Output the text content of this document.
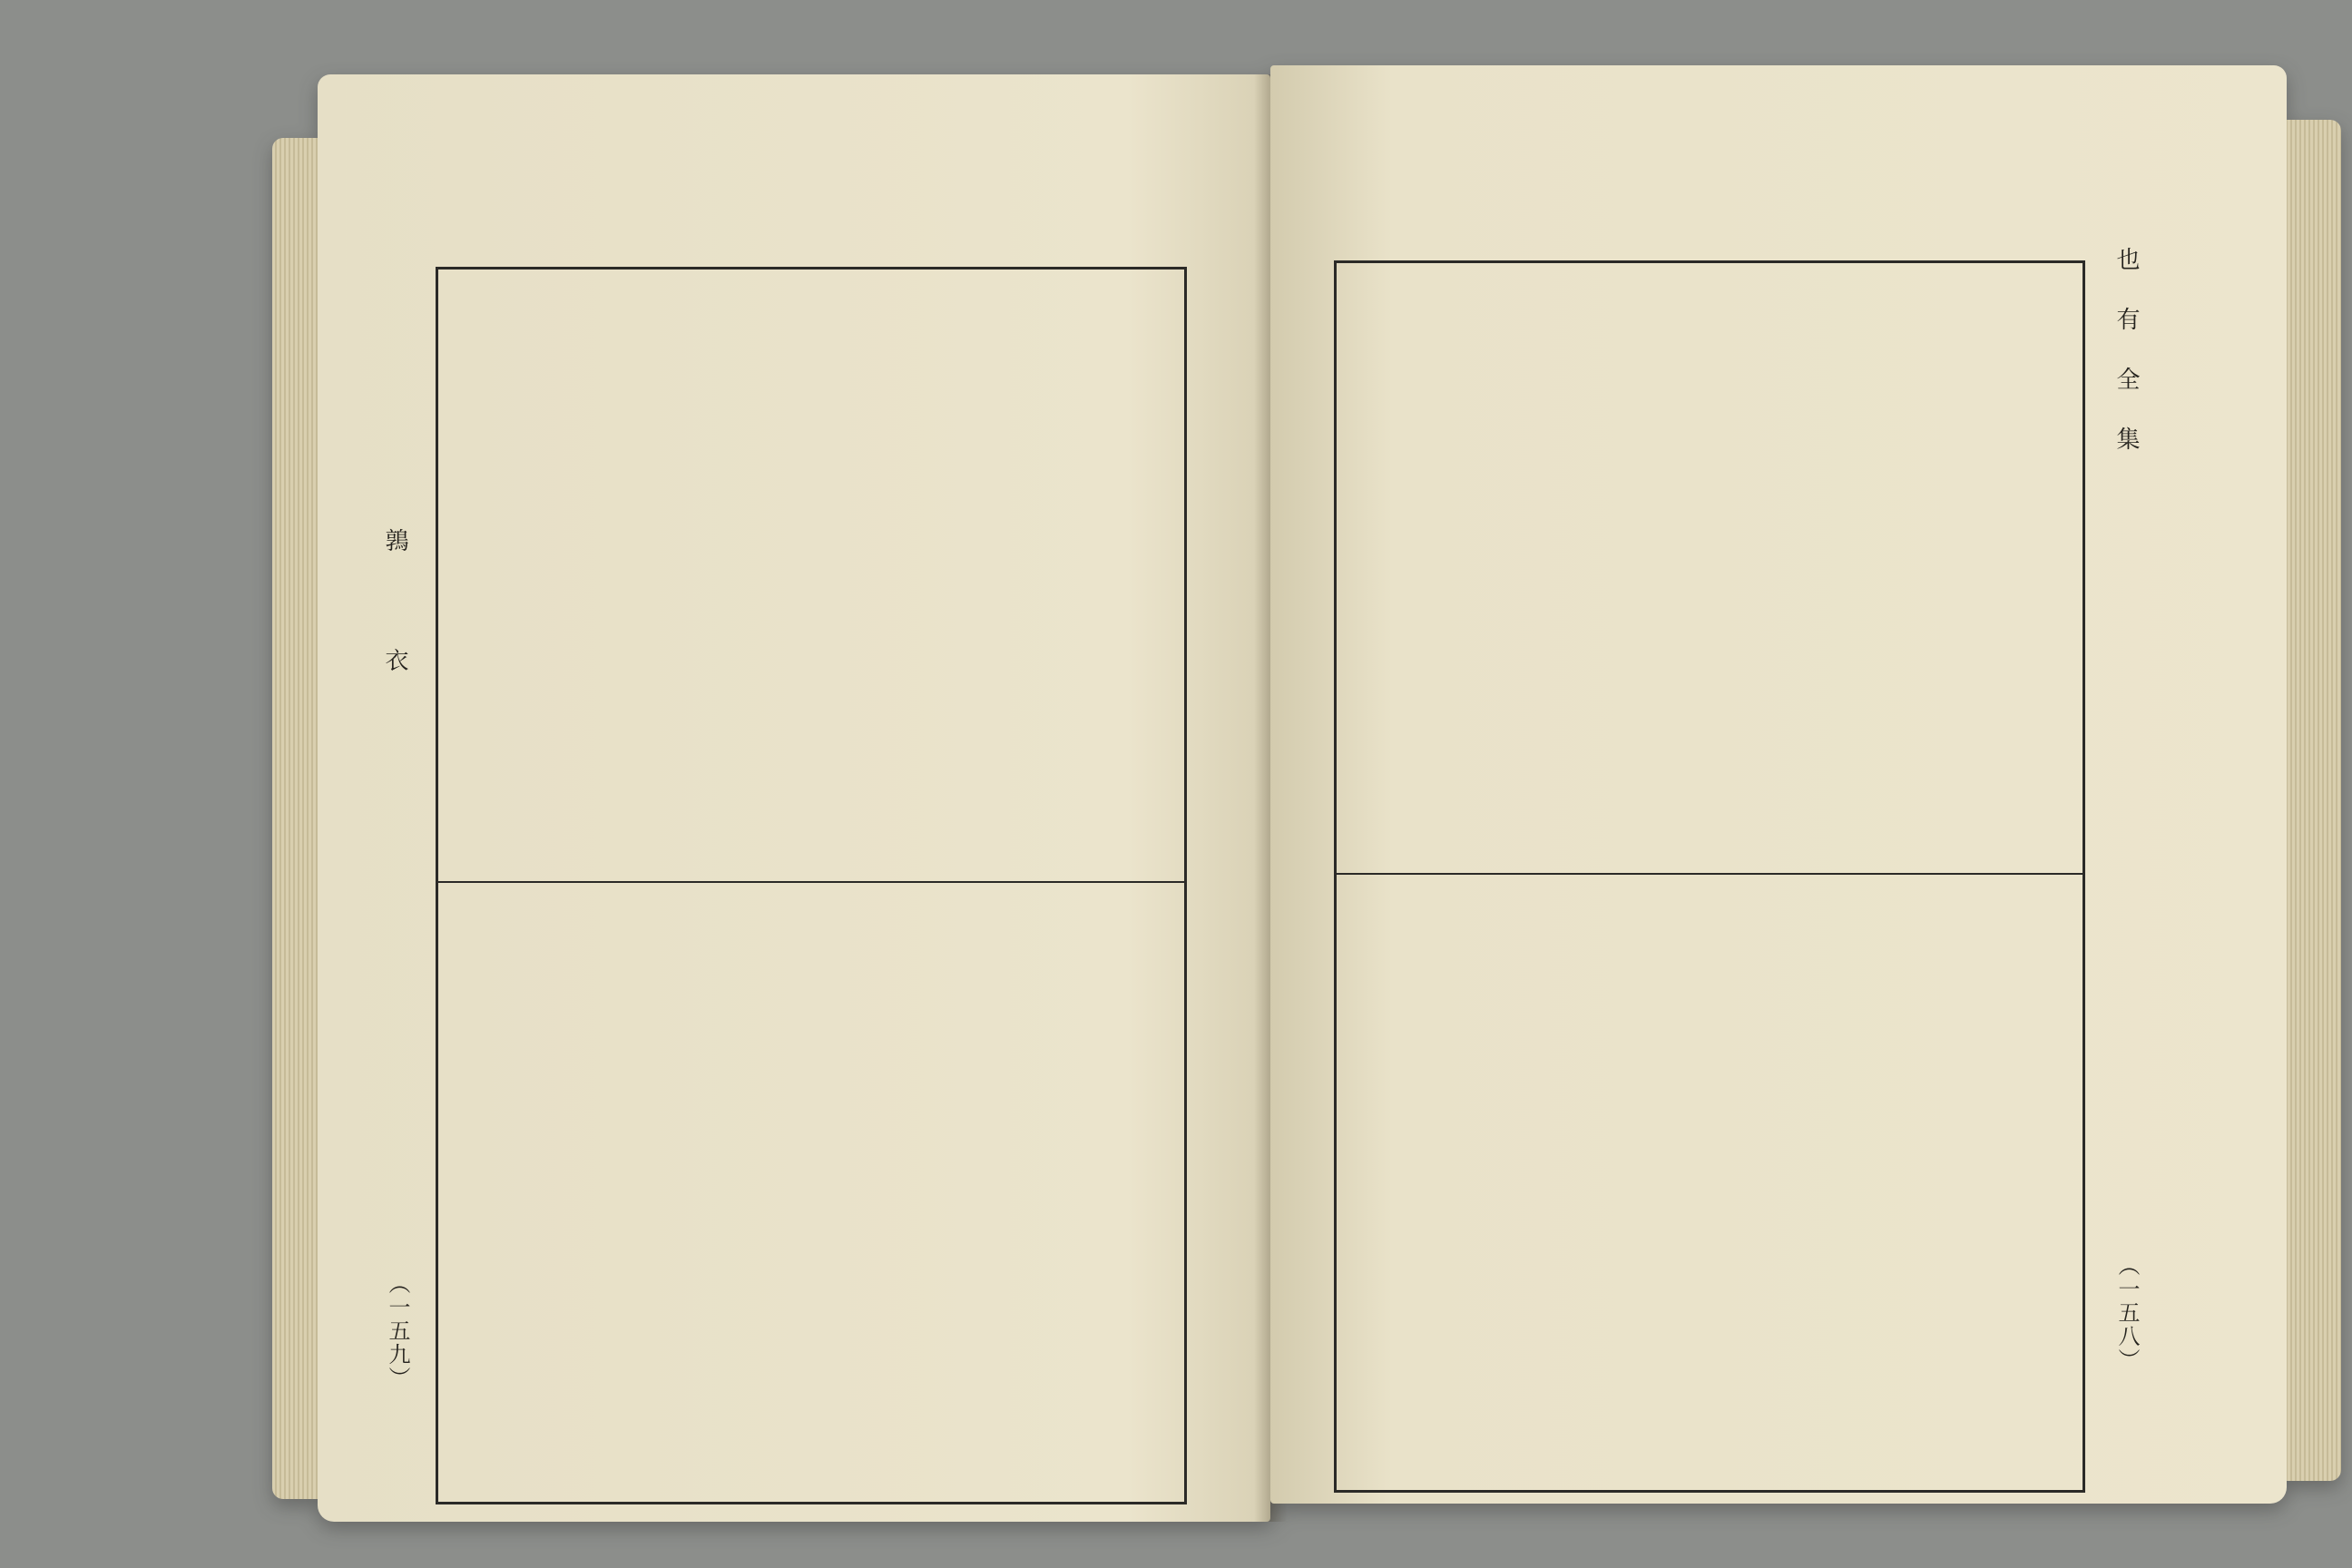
鶉　衣
（一五九）
也有全集
（一五八）
